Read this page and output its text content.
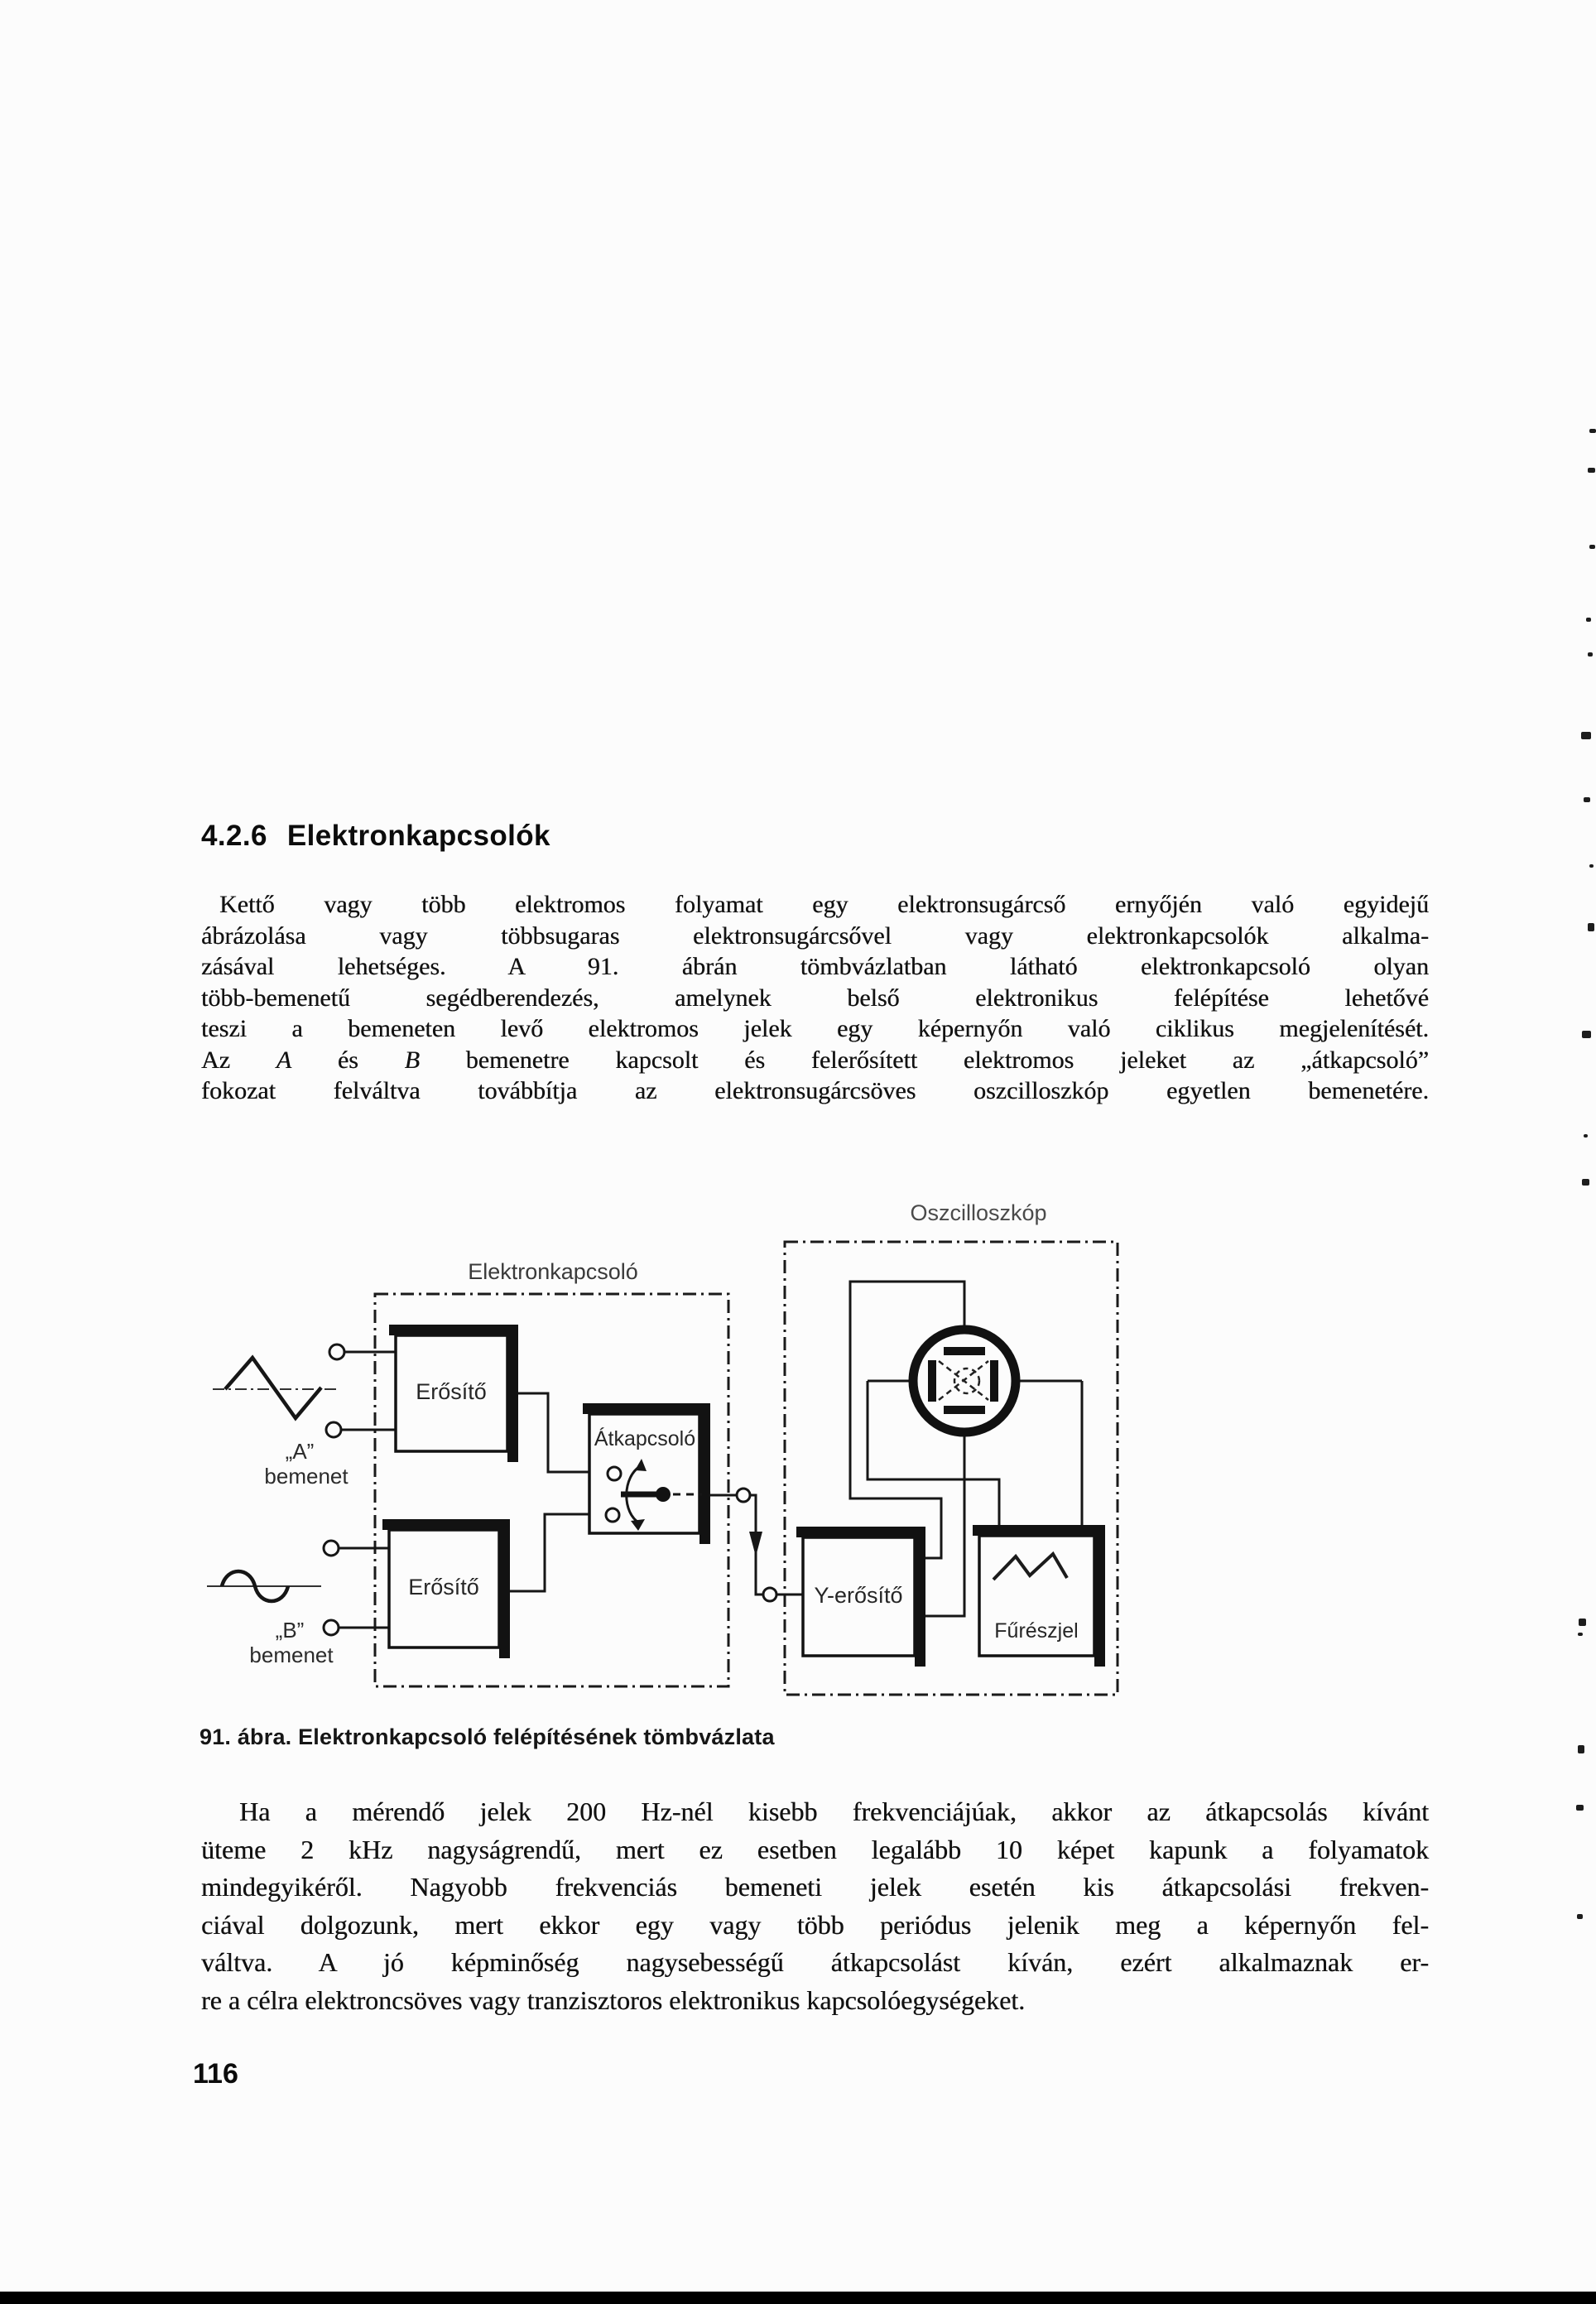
4.2.6 Elektronkapcsolók
Kettő vagy több elektromos folyamat egy elektronsugárcső ernyőjén való egyidejű
ábrázolása vagy többsugaras elektronsugárcsővel vagy elektronkapcsolók alkalma-
zásával lehetséges. A 91. ábrán tömbvázlatban látható elektronkapcsoló olyan
több-bemenetű segédberendezés, amelynek belső elektronikus felépítése lehetővé
teszi a bemeneten levő elektromos jelek egy képernyőn való ciklikus megjelenítését.
Az A és B bemenetre kapcsolt és felerősített elektromos jeleket az „átkapcsoló”
fokozat felváltva továbbítja az elektronsugárcsöves oszcilloszkóp egyetlen bemenetére.
Elektronkapcsoló
Oszcilloszkóp
„A”
bemenet
„B”
bemenet
Erősítő
Erősítő
Átkapcsoló
Y-erősítő
Fűrészjel
91. ábra. Elektronkapcsoló felépítésének tömbvázlata
Ha a mérendő jelek 200 Hz-nél kisebb frekvenciájúak, akkor az átkapcsolás kívánt
üteme 2 kHz nagyságrendű, mert ez esetben legalább 10 képet kapunk a folyamatok
mindegyikéről. Nagyobb frekvenciás bemeneti jelek esetén kis átkapcsolási frekven-
ciával dolgozunk, mert ekkor egy vagy több periódus jelenik meg a képernyőn fel-
váltva. A jó képminőség nagysebességű átkapcsolást kíván, ezért alkalmaznak er-
re a célra elektroncsöves vagy tranzisztoros elektronikus kapcsolóegységeket.
116
